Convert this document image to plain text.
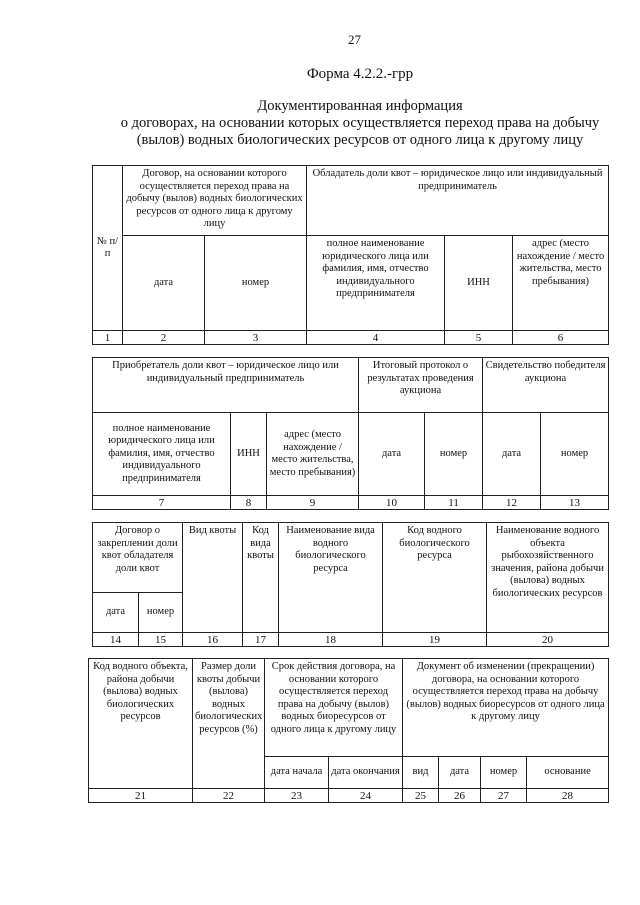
27
Форма 4.2.2.-грр
Документированная информация
о договорах, на основании которых осуществляется переход права на добычу
(вылов) водных биологических ресурсов от одного лица к другому лицу
№ п/п	Договор, на основании которого осуществляется переход права на добычу (вылов) водных биологических ресурсов от одного лица к другому лицу		Обладатель доли квот – юридическое лицо или индивидуальный предприниматель		
	дата	номер	полное наименование юридического лица или фамилия, имя, отчество индивидуального предпринимателя	ИНН	адрес (место нахождение / место жительства, место пребывания)
1	2	3	4	5	6
Приобретатель доли квот – юридическое лицо или индивидуальный предприниматель			Итоговый протокол о результатах проведения аукциона		Свидетельство победителя аукциона	
полное наименование юридического лица или фамилия, имя, отчество индивидуального предпринимателя	ИНН	адрес (место нахождение / место жительства, место пребывания)	дата	номер	дата	номер
7	8	9	10	11	12	13
Договор о закреплении доли квот обладателя доли квот		Вид квоты	Код вида квоты	Наименование вида водного биологического ресурса	Код водного биологического ресурса	Наименование водного объекта рыбохозяйственного значения, района добычи (вылова) водных биологических ресурсов
дата	номер					
14	15	16	17	18	19	20
Код водного объекта, района добычи (вылова) водных биологических ресурсов	Размер доли квоты добычи (вылова) водных биологических ресурсов (%)	Срок действия договора, на основании которого осуществляется переход права на добычу (вылов) водных биоресурсов от одного лица к другому лицу		Документ об изменении (прекращении) договора, на основании которого осуществляется переход права на добычу (вылов) водных биоресурсов от одного лица к другому лицу			
		дата начала	дата окончания	вид	дата	номер	основание
21	22	23	24	25	26	27	28
